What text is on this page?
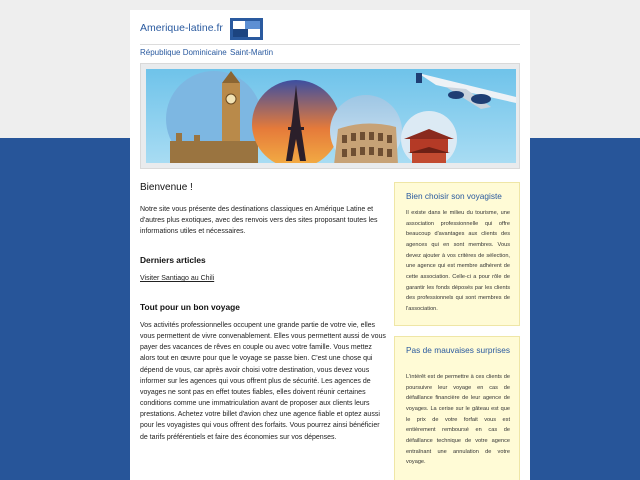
Amerique-latine.fr
République Dominicaine Saint-Martin
Bienvenue !

Notre site vous présente des destinations classiques en Amérique Latine et d'autres plus exotiques, avec des renvois vers des sites proposant toutes les informations utiles et nécessaires.

Derniers articles
Visiter Santiago au Chili
Tout pour un bon voyage

Vos activités professionnelles occupent une grande partie de votre vie, elles vous permettent de vivre convenablement. Elles vous permettent aussi de vous payer des vacances de rêves en couple ou avec votre famille. Vous mettez alors tout en œuvre pour que le voyage se passe bien. C'est une chose qui dépend de vous, car après avoir choisi votre destination, vous devez vous informer sur les agences qui vous offrent plus de sécurité. Les agences de voyages ne sont pas en effet toutes fiables, elles doivent réunir certaines conditions comme une immatriculation avant de proposer aux clients leurs prestations. Achetez votre billet d'avion chez une agence fiable et optez aussi pour les voyagistes qui vous offrent des forfaits. Vous pourrez ainsi bénéficier de tarifs préférentiels et faire des économies sur vos dépenses.

Bien choisir son voyagiste

Il existe dans le milieu du tourisme, une association professionnelle qui offre beaucoup d'avantages aux clients des agences qui en sont membres. Vous devez ajouter à vos critères de sélection, une agence qui est membre adhérent de cette association. Celle-ci a pour rôle de garantir les fonds déposés par les clients des professionnels qui sont membres de l'association.

Pas de mauvaises surprises

L'intérêt est de permettre à ces clients de poursuivre leur voyage en cas de défaillance financière de leur agence de voyages. La cerise sur le gâteau est que le prix de votre forfait vous est entièrement remboursé en cas de défaillance technique de votre agence entraînant une annulation de votre voyage.
